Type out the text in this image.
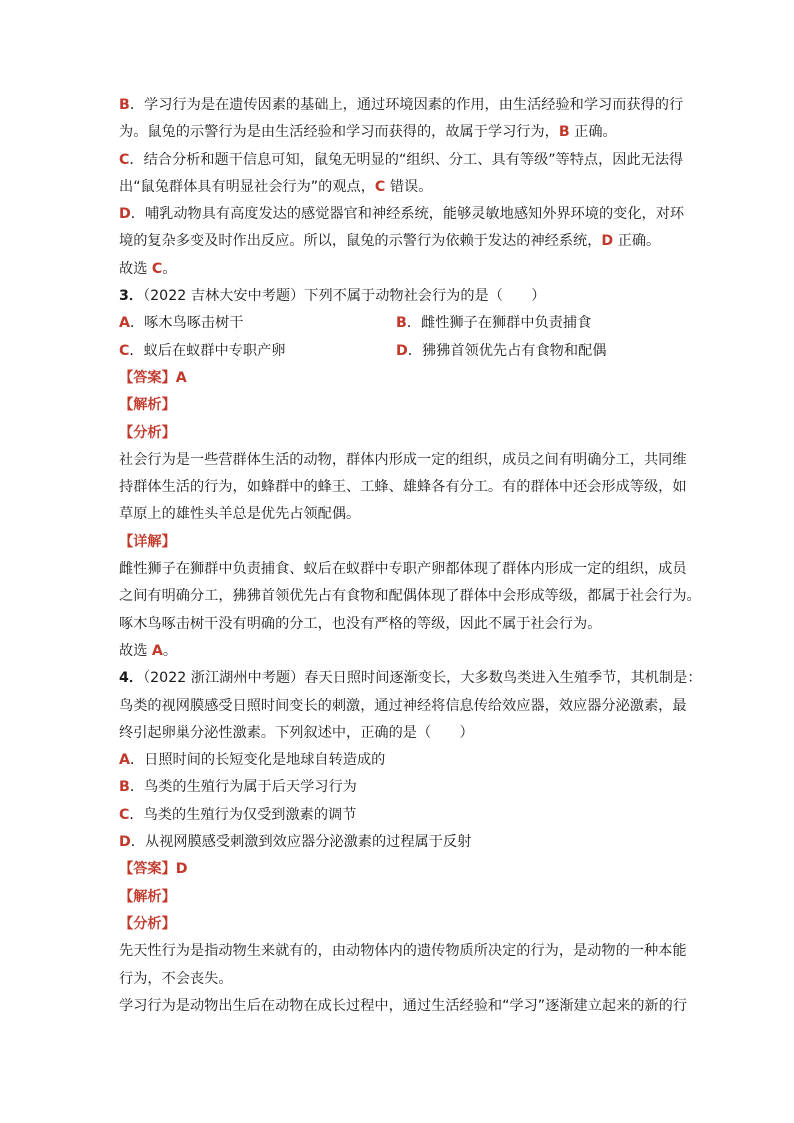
B．学习行为是在遗传因素的基础上，通过环境因素的作用，由生活经验和学习而获得的行
为。鼠兔的示警行为是由生活经验和学习而获得的，故属于学习行为，B 正确。
C．结合分析和题干信息可知，鼠兔无明显的“组织、分工、具有等级”等特点，因此无法得
出“鼠兔群体具有明显社会行为”的观点，C 错误。
D．哺乳动物具有高度发达的感觉器官和神经系统，能够灵敏地感知外界环境的变化，对环
境的复杂多变及时作出反应。所以，鼠兔的示警行为依赖于发达的神经系统，D 正确。
故选 C。
3．（2022 吉林大安中考题）下列不属于动物社会行为的是（　　）
A．啄木鸟啄击树干	B．雌性狮子在狮群中负责捕食
C．蚁后在蚁群中专职产卵	D．狒狒首领优先占有食物和配偶
【答案】A
【解析】
【分析】
社会行为是一些营群体生活的动物，群体内形成一定的组织，成员之间有明确分工，共同维
持群体生活的行为，如蜂群中的蜂王、工蜂、雄蜂各有分工。有的群体中还会形成等级，如
草原上的雄性头羊总是优先占领配偶。
【详解】
雌性狮子在狮群中负责捕食、蚁后在蚁群中专职产卵都体现了群体内形成一定的组织，成员
之间有明确分工，狒狒首领优先占有食物和配偶体现了群体中会形成等级，都属于社会行为。
啄木鸟啄击树干没有明确的分工，也没有严格的等级，因此不属于社会行为。
故选 A。
4．（2022 浙江湖州中考题）春天日照时间逐渐变长，大多数鸟类进入生殖季节，其机制是：
鸟类的视网膜感受日照时间变长的刺激，通过神经将信息传给效应器，效应器分泌激素，最
终引起卵巢分泌性激素。下列叙述中，正确的是（　　）
A．日照时间的长短变化是地球自转造成的
B．鸟类的生殖行为属于后天学习行为
C．鸟类的生殖行为仅受到激素的调节
D．从视网膜感受刺激到效应器分泌激素的过程属于反射
【答案】D
【解析】
【分析】
先天性行为是指动物生来就有的，由动物体内的遗传物质所决定的行为，是动物的一种本能
行为，不会丧失。
学习行为是动物出生后在动物在成长过程中，通过生活经验和“学习”逐渐建立起来的新的行
